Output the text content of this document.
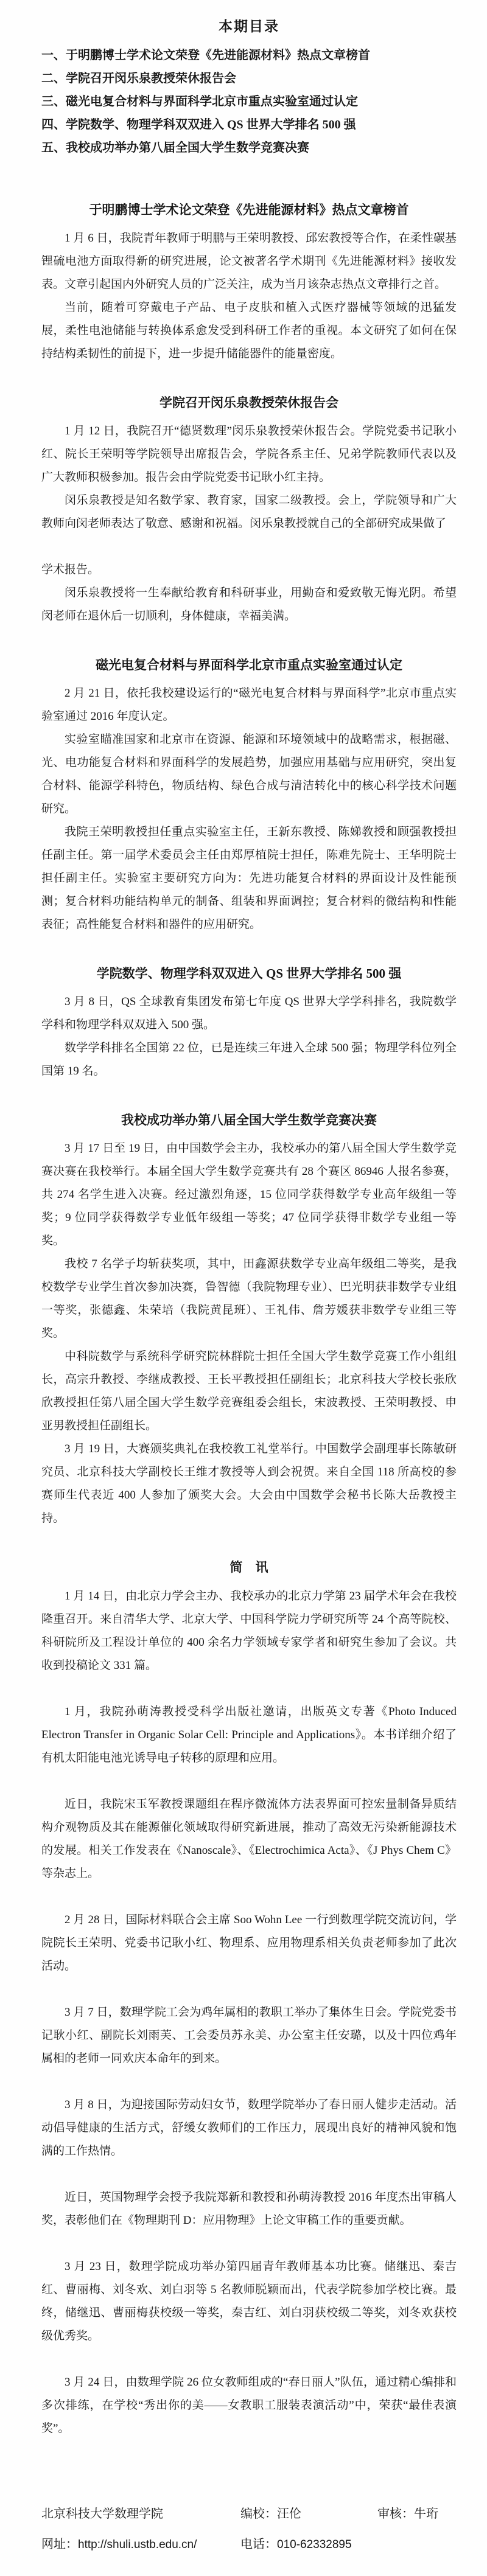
本期目录
一、于明鹏博士学术论文荣登《先进能源材料》热点文章榜首
二、学院召开闵乐泉教授荣休报告会
三、磁光电复合材料与界面科学北京市重点实验室通过认定
四、学院数学、物理学科双双进入 QS 世界大学排名 500 强
五、我校成功举办第八届全国大学生数学竞赛决赛
于明鹏博士学术论文荣登《先进能源材料》热点文章榜首

1 月 6 日，我院青年教师于明鹏与王荣明教授、邱宏教授等合作，在柔性碳基锂硫电池方面取得新的研究进展，论文被著名学术期刊《先进能源材料》接收发表。文章引起国内外研究人员的广泛关注，成为当月该杂志热点文章排行之首。

当前，随着可穿戴电子产品、电子皮肤和植入式医疗器械等领域的迅猛发展，柔性电池储能与转换体系愈发受到科研工作者的重视。本文研究了如何在保持结构柔韧性的前提下，进一步提升储能器件的能量密度。

学院召开闵乐泉教授荣休报告会

1 月 12 日，我院召开“德贤数理”闵乐泉教授荣休报告会。学院党委书记耿小红、院长王荣明等学院领导出席报告会，学院各系主任、兄弟学院教师代表以及广大教师积极参加。报告会由学院党委书记耿小红主持。

闵乐泉教授是知名数学家、教育家，国家二级教授。会上，学院领导和广大教师向闵老师表达了敬意、感谢和祝福。闵乐泉教授就自己的全部研究成果做了

学术报告。

闵乐泉教授将一生奉献给教育和科研事业，用勤奋和爱致敬无悔光阴。希望闵老师在退休后一切顺利，身体健康，幸福美满。

磁光电复合材料与界面科学北京市重点实验室通过认定

2 月 21 日，依托我校建设运行的“磁光电复合材料与界面科学”北京市重点实验室通过 2016 年度认定。

实验室瞄准国家和北京市在资源、能源和环境领域中的战略需求，根据磁、光、电功能复合材料和界面科学的发展趋势，加强应用基础与应用研究，突出复合材料、能源学科特色，物质结构、绿色合成与清洁转化中的核心科学技术问题研究。

我院王荣明教授担任重点实验室主任，王新东教授、陈娣教授和顾强教授担任副主任。第一届学术委员会主任由郑厚植院士担任，陈难先院士、王华明院士担任副主任。实验室主要研究方向为：先进功能复合材料的界面设计及性能预测；复合材料功能结构单元的制备、组装和界面调控；复合材料的微结构和性能表征；高性能复合材料和器件的应用研究。

学院数学、物理学科双双进入 QS 世界大学排名 500 强

3 月 8 日，QS 全球教育集团发布第七年度 QS 世界大学学科排名，我院数学学科和物理学科双双进入 500 强。

数学学科排名全国第 22 位，已是连续三年进入全球 500 强；物理学科位列全国第 19 名。

我校成功举办第八届全国大学生数学竞赛决赛

3 月 17 日至 19 日，由中国数学会主办，我校承办的第八届全国大学生数学竞赛决赛在我校举行。本届全国大学生数学竞赛共有 28 个赛区 86946 人报名参赛，共 274 名学生进入决赛。经过激烈角逐，15 位同学获得数学专业高年级组一等奖；9 位同学获得数学专业低年级组一等奖；47 位同学获得非数学专业组一等奖。

我校 7 名学子均斩获奖项，其中，田鑫源获数学专业高年级组二等奖，是我校数学专业学生首次参加决赛，鲁智德（我院物理专业）、巴光明获非数学专业组一等奖，张德鑫、朱荣培（我院黄昆班）、王礼伟、詹芳媛获非数学专业组三等奖。

中科院数学与系统科学研究院林群院士担任全国大学生数学竞赛工作小组组长，高宗升教授、李继成教授、王长平教授担任副组长；北京科技大学校长张欣欣教授担任第八届全国大学生数学竞赛组委会组长，宋波教授、王荣明教授、申亚男教授担任副组长。

3 月 19 日，大赛颁奖典礼在我校教工礼堂举行。中国数学会副理事长陈敏研究员、北京科技大学副校长王维才教授等人到会祝贺。来自全国 118 所高校的参赛师生代表近 400 人参加了颁奖大会。大会由中国数学会秘书长陈大岳教授主持。

简    讯

1 月 14 日，由北京力学会主办、我校承办的北京力学第 23 届学术年会在我校隆重召开。来自清华大学、北京大学、中国科学院力学研究所等 24 个高等院校、科研院所及工程设计单位的 400 余名力学领域专家学者和研究生参加了会议。共收到投稿论文 331 篇。

1 月，我院孙萌涛教授受科学出版社邀请，出版英文专著《Photo Induced Electron Transfer in Organic Solar Cell: Principle and Applications》。本书详细介绍了有机太阳能电池光诱导电子转移的原理和应用。

近日，我院宋玉军教授课题组在程序微流体方法表界面可控宏量制备异质结构介观物质及其在能源催化领域取得研究新进展，推动了高效无污染新能源技术的发展。相关工作发表在《Nanoscale》、《Electrochimica Acta》、《J Phys Chem C》等杂志上。

2 月 28 日，国际材料联合会主席 Soo Wohn Lee 一行到数理学院交流访问，学院院长王荣明、党委书记耿小红、物理系、应用物理系相关负责老师参加了此次活动。

3 月 7 日，数理学院工会为鸡年属相的教职工举办了集体生日会。学院党委书记耿小红、副院长刘雨芙、工会委员苏永美、办公室主任安璐，以及十四位鸡年属相的老师一同欢庆本命年的到来。

3 月 8 日，为迎接国际劳动妇女节，数理学院举办了春日丽人健步走活动。活动倡导健康的生活方式，舒缓女教师们的工作压力，展现出良好的精神风貌和饱满的工作热情。

近日，英国物理学会授予我院郑新和教授和孙萌涛教授 2016 年度杰出审稿人奖，表彰他们在《物理期刊 D：应用物理》上论文审稿工作的重要贡献。

3 月 23 日，数理学院成功举办第四届青年教师基本功比赛。储继迅、秦吉红、曹丽梅、刘冬欢、刘白羽等 5 名教师脱颖而出，代表学院参加学校比赛。最终，储继迅、曹丽梅获校级一等奖，秦吉红、刘白羽获校级二等奖，刘冬欢获校级优秀奖。

3 月 24 日，由数理学院 26 位女教师组成的“春日丽人”队伍，通过精心编排和多次排练，在学校“秀出你的美——女教职工服装表演活动”中，荣获“最佳表演奖”。

北京科技大学数理学院	编校：汪伦	审核：牛珩
网址：http://shuli.ustb.edu.cn/	电话：010-62332895
